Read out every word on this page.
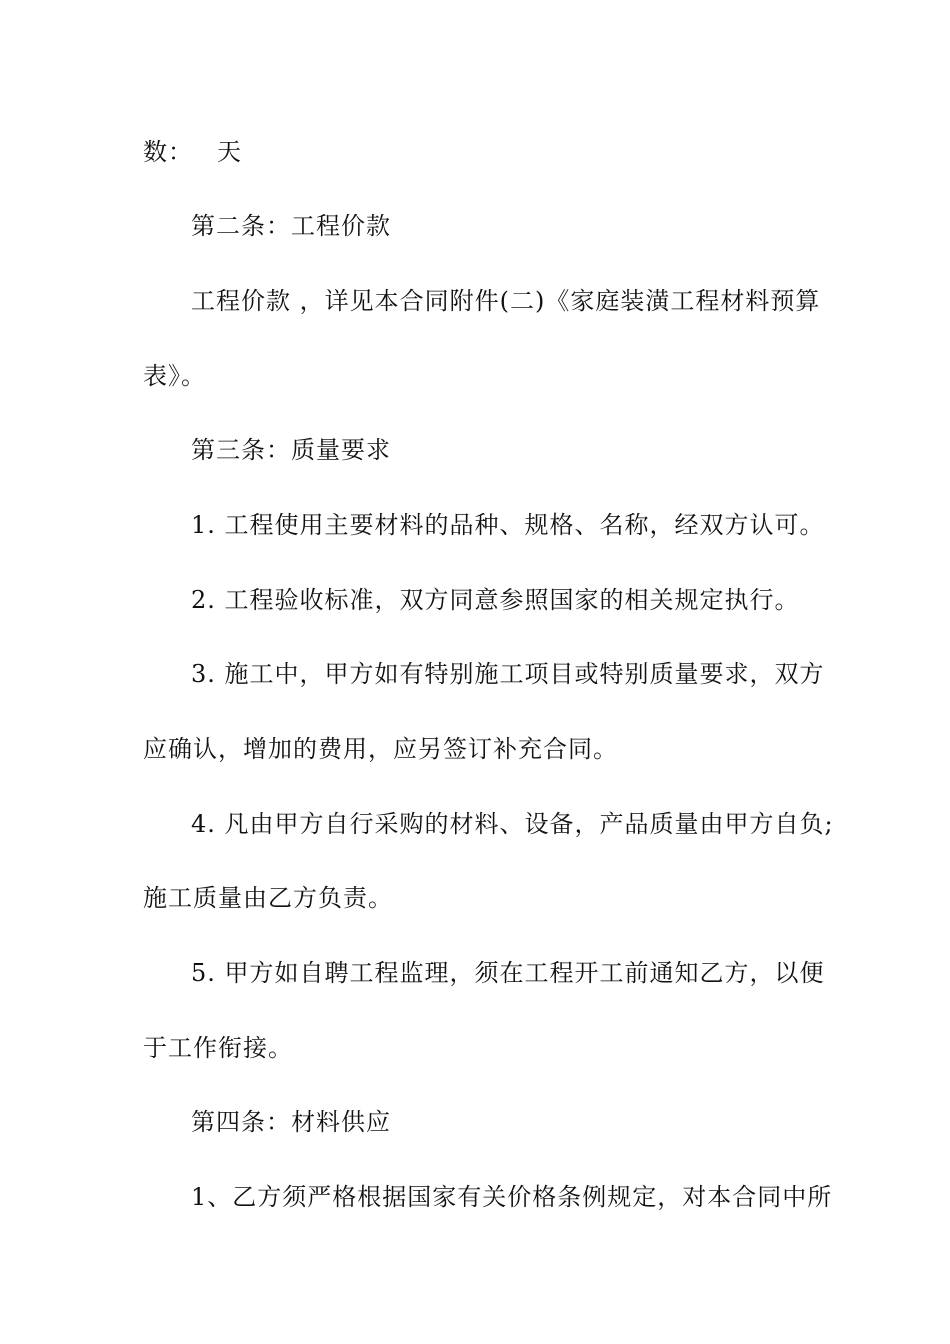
数： 天
第二条：工程价款
工程价款 ，详见本合同附件(二)《家庭装潢工程材料预算
表》。
第三条：质量要求
1. 工程使用主要材料的品种、规格、名称，经双方认可。
2. 工程验收标准，双方同意参照国家的相关规定执行。
3. 施工中，甲方如有特别施工项目或特别质量要求，双方
应确认，增加的费用，应另签订补充合同。
4. 凡由甲方自行采购的材料、设备，产品质量由甲方自负;
施工质量由乙方负责。
5. 甲方如自聘工程监理，须在工程开工前通知乙方，以便
于工作衔接。
第四条：材料供应
1、乙方须严格根据国家有关价格条例规定，对本合同中所
